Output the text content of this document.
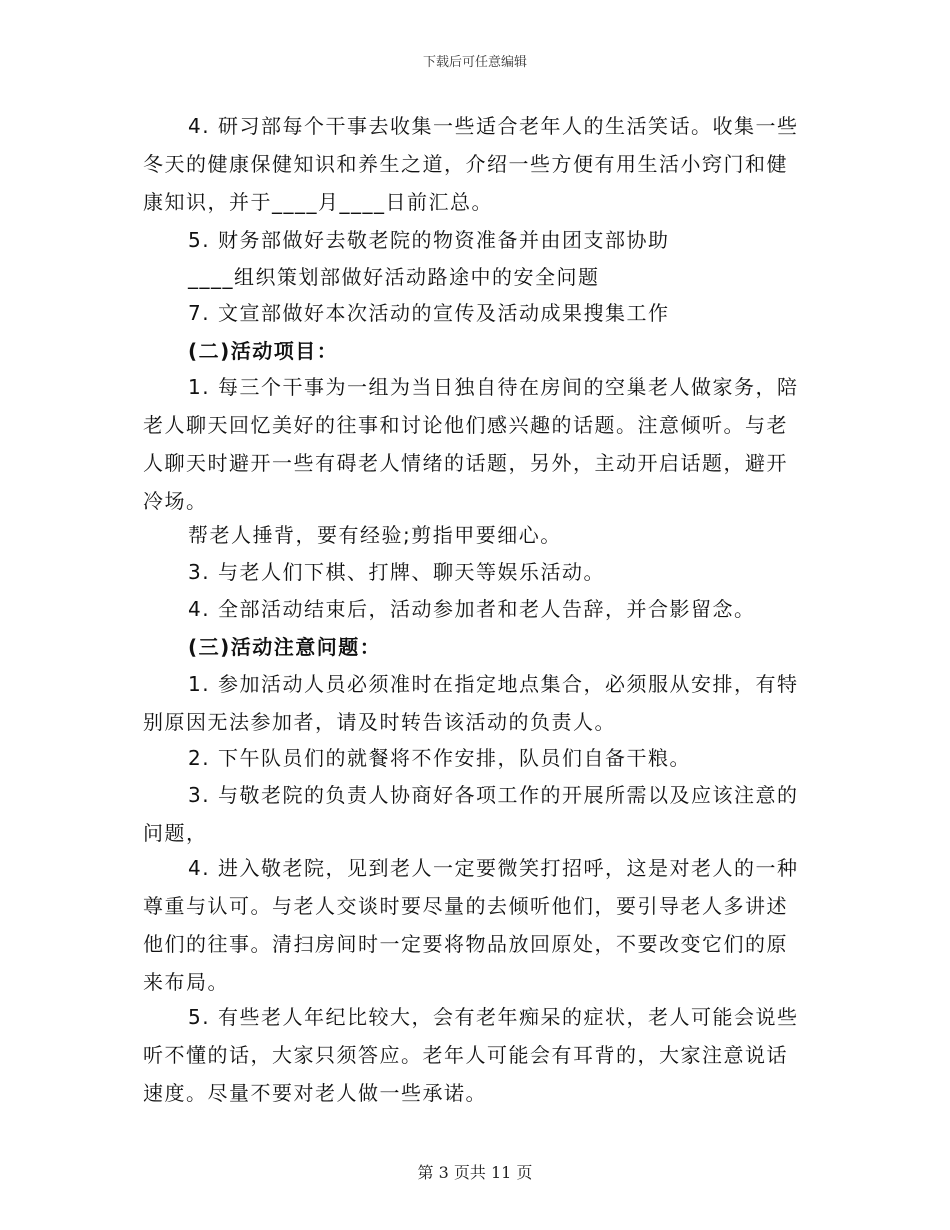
下载后可任意编辑
4. 研习部每个干事去收集一些适合老年人的生活笑话。收集一些冬天的健康保健知识和养生之道，介绍一些方便有用生活小窍门和健康知识，并于____月____日前汇总。
5. 财务部做好去敬老院的物资准备并由团支部协助
____组织策划部做好活动路途中的安全问题
7. 文宣部做好本次活动的宣传及活动成果搜集工作
(二)活动项目：
1. 每三个干事为一组为当日独自待在房间的空巢老人做家务，陪老人聊天回忆美好的往事和讨论他们感兴趣的话题。注意倾听。与老人聊天时避开一些有碍老人情绪的话题，另外，主动开启话题，避开冷场。
帮老人捶背，要有经验;剪指甲要细心。
3. 与老人们下棋、打牌、聊天等娱乐活动。
4. 全部活动结束后，活动参加者和老人告辞，并合影留念。
(三)活动注意问题：
1. 参加活动人员必须准时在指定地点集合，必须服从安排，有特别原因无法参加者，请及时转告该活动的负责人。
2. 下午队员们的就餐将不作安排，队员们自备干粮。
3. 与敬老院的负责人协商好各项工作的开展所需以及应该注意的问题，
4. 进入敬老院，见到老人一定要微笑打招呼，这是对老人的一种尊重与认可。与老人交谈时要尽量的去倾听他们，要引导老人多讲述他们的往事。清扫房间时一定要将物品放回原处，不要改变它们的原来布局。
5. 有些老人年纪比较大，会有老年痴呆的症状，老人可能会说些听不懂的话，大家只须答应。老年人可能会有耳背的，大家注意说话速度。尽量不要对老人做一些承诺。
第 3 页共 11 页
